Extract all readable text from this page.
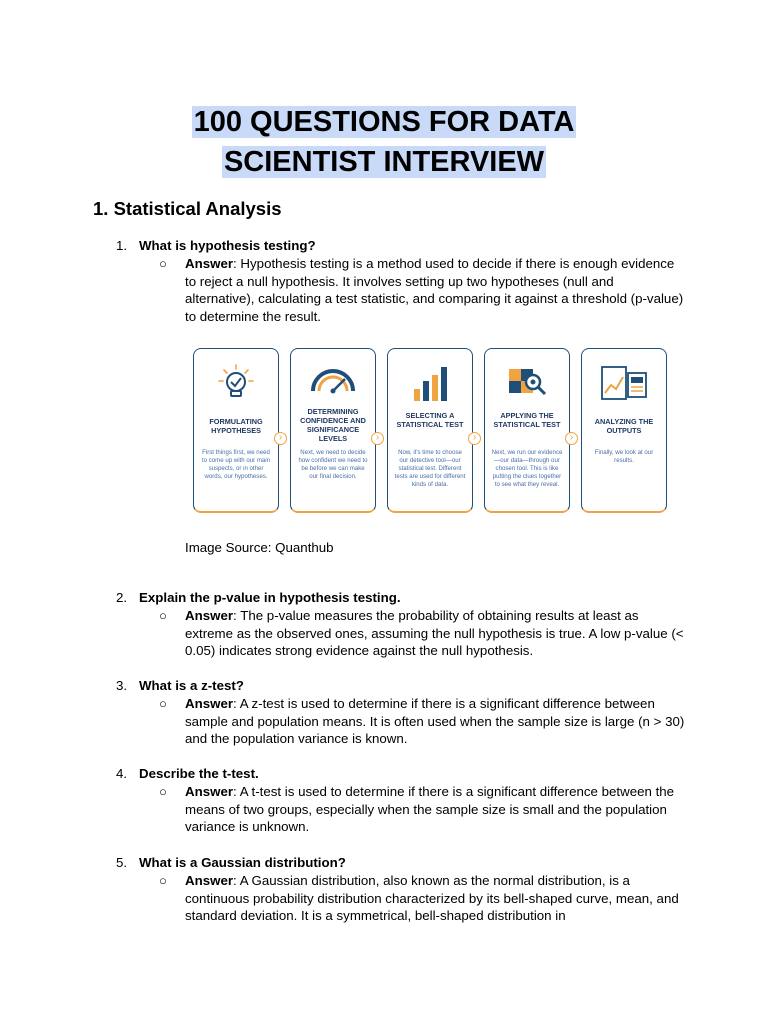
100 QUESTIONS FOR DATA
SCIENTIST INTERVIEW
1. Statistical Analysis
1. What is hypothesis testing?
○ Answer: Hypothesis testing is a method used to decide if there is enough evidence to reject a null hypothesis. It involves setting up two hypotheses (null and alternative), calculating a test statistic, and comparing it against a threshold (p-value) to determine the result.
FORMULATING HYPOTHESES
First things first, we need to come up with our main suspects, or in other words, our hypotheses.
›
DETERMINING CONFIDENCE AND SIGNIFICANCE LEVELS
Next, we need to decide how confident we need to be before we can make our final decision.
›
SELECTING A STATISTICAL TEST
Now, it's time to choose our detective tool—our statistical test. Different tests are used for different kinds of data.
›
APPLYING THE STATISTICAL TEST
Next, we run our evidence—our data—through our chosen tool. This is like putting the clues together to see what they reveal.
›
ANALYZING THE OUTPUTS
Finally, we look at our results.
Image Source: Quanthub
2. Explain the p-value in hypothesis testing.
○ Answer: The p-value measures the probability of obtaining results at least as extreme as the observed ones, assuming the null hypothesis is true. A low p-value (< 0.05) indicates strong evidence against the null hypothesis.
3. What is a z-test?
○ Answer: A z-test is used to determine if there is a significant difference between sample and population means. It is often used when the sample size is large (n > 30) and the population variance is known.
4. Describe the t-test.
○ Answer: A t-test is used to determine if there is a significant difference between the means of two groups, especially when the sample size is small and the population variance is unknown.
5. What is a Gaussian distribution?
○ Answer: A Gaussian distribution, also known as the normal distribution, is a continuous probability distribution characterized by its bell-shaped curve, mean, and standard deviation. It is a symmetrical, bell-shaped distribution in
